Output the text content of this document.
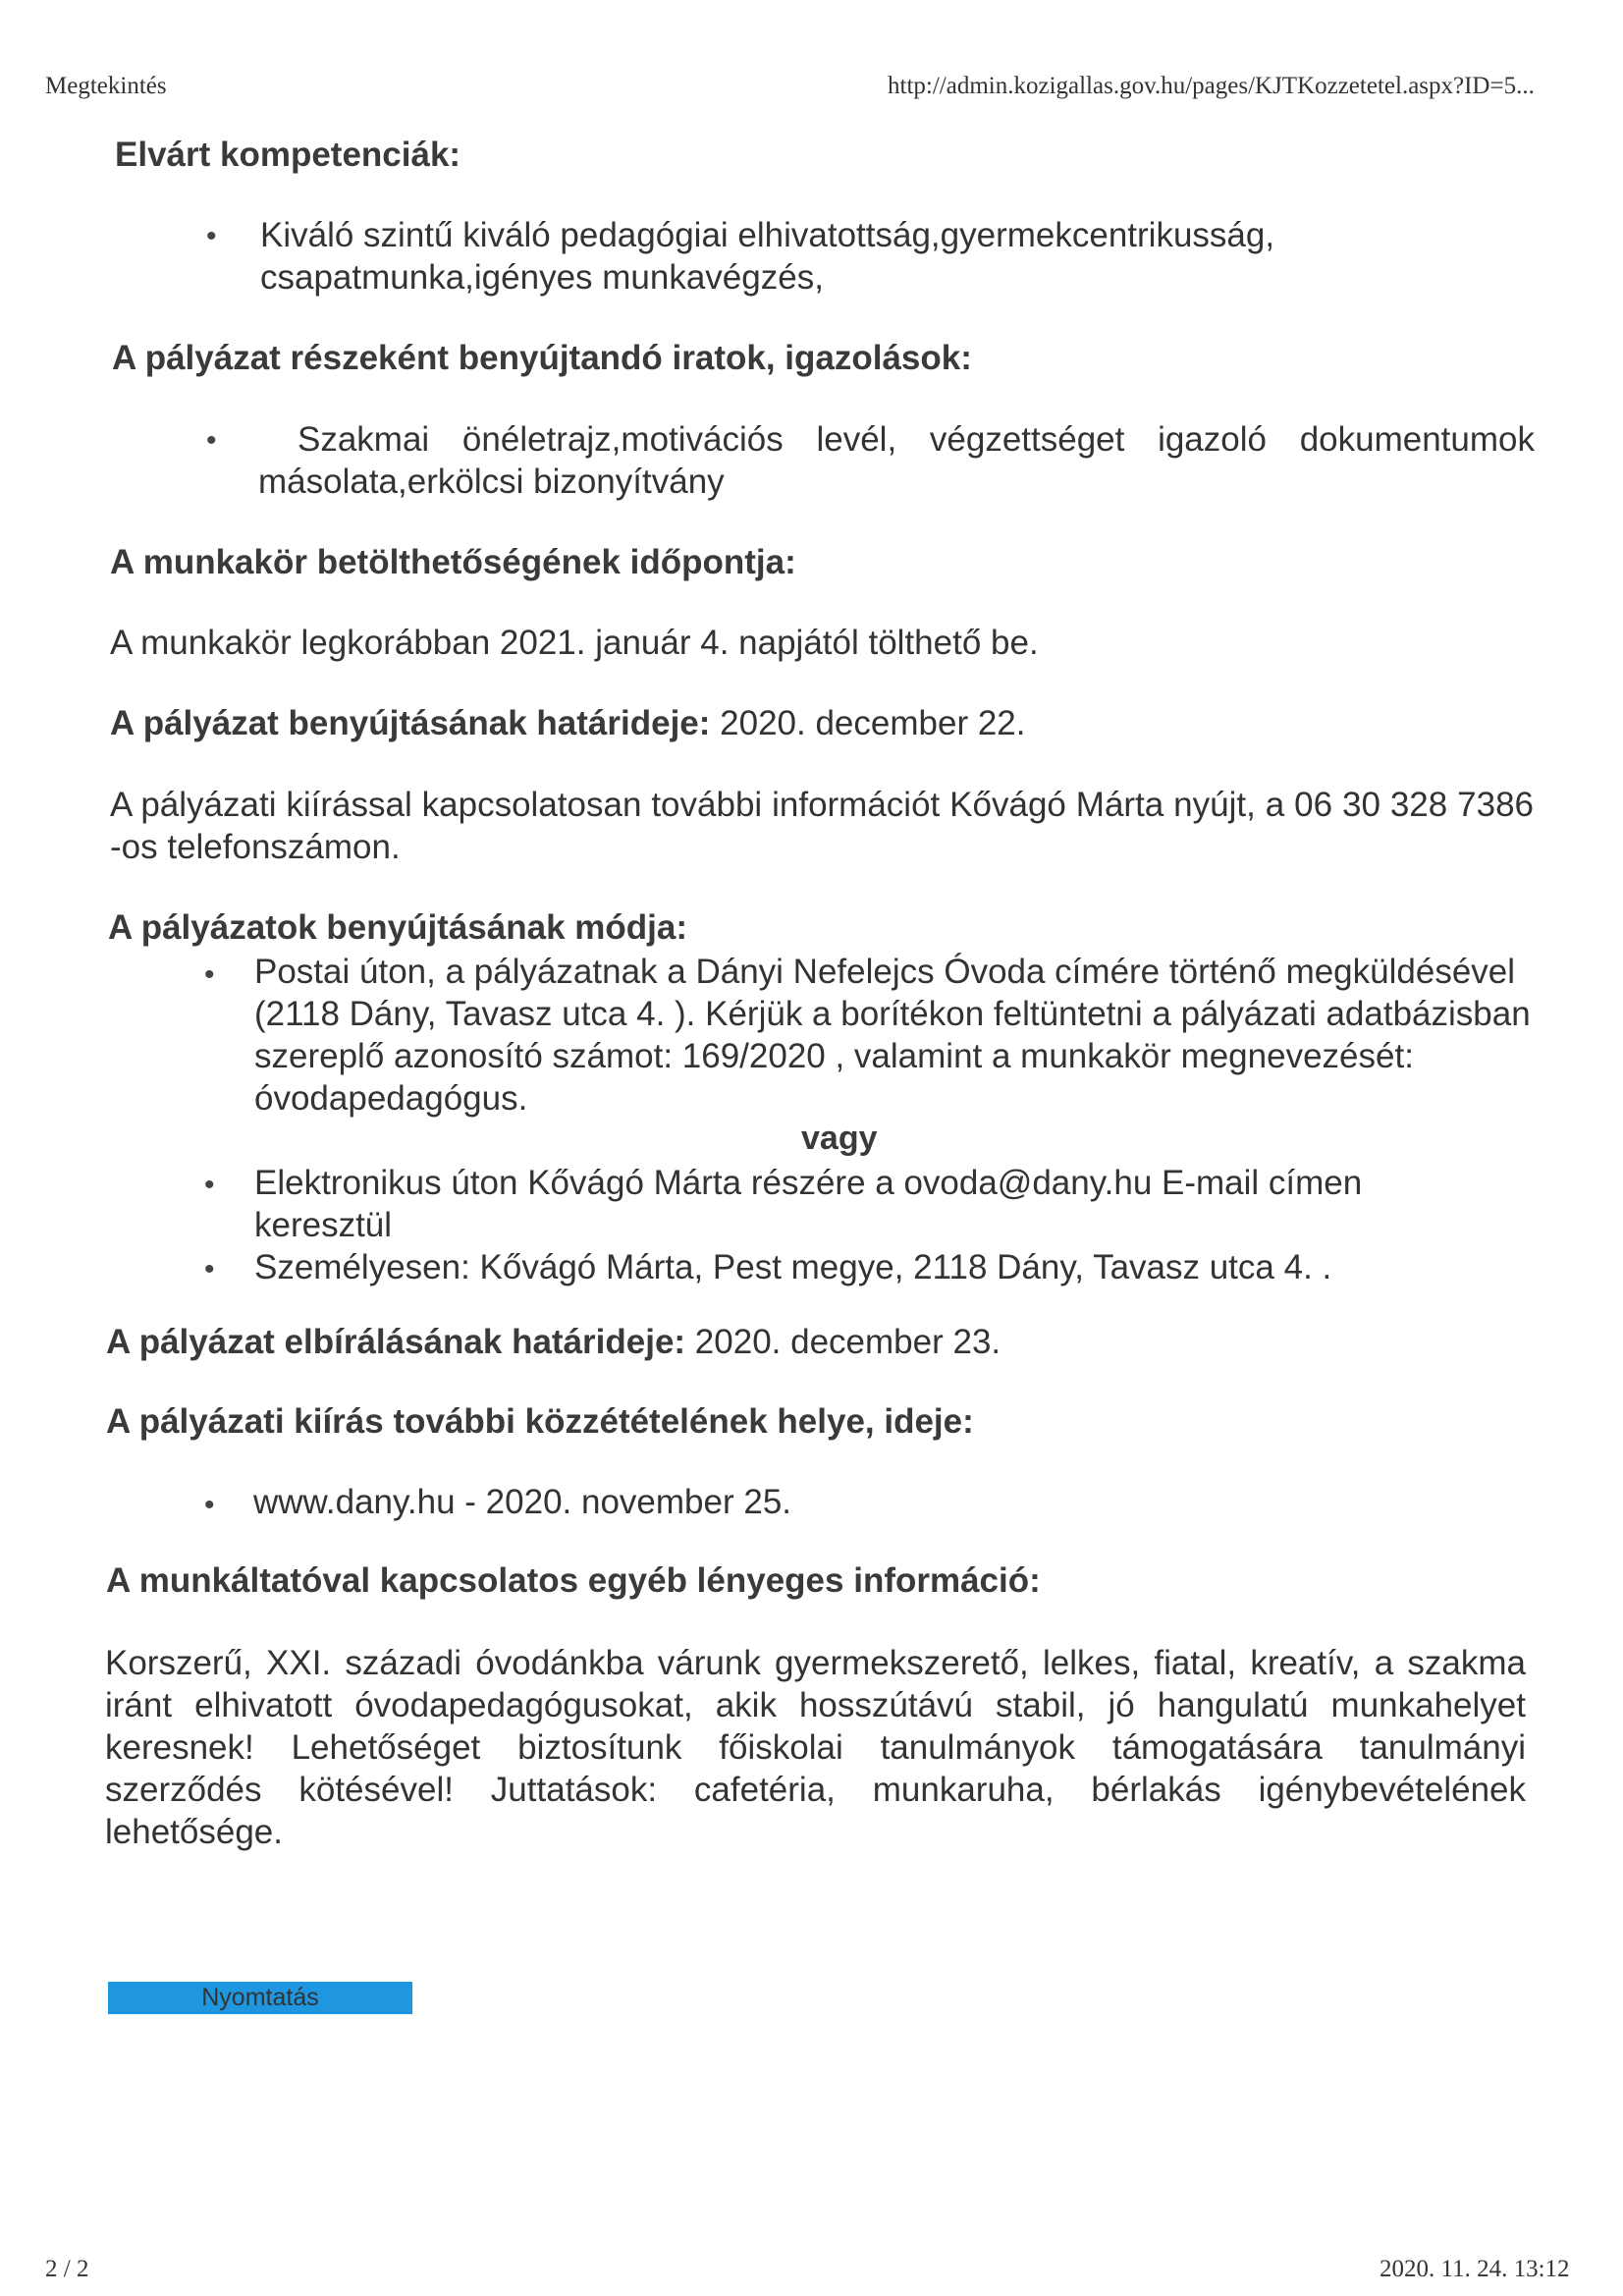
Megtekintés	http://admin.kozigallas.gov.hu/pages/KJTKozzetetel.aspx?ID=5...
Elvárt kompetenciák:
• Kiváló szintű kiváló pedagógiai elhivatottság,gyermekcentrikusság, csapatmunka,igényes munkavégzés,
A pályázat részeként benyújtandó iratok, igazolások:
•	Szakmai önéletrajz,motivációs levél, végzettséget igazoló dokumentumok másolata,erkölcsi bizonyítvány
A munkakör betölthetőségének időpontja:
A munkakör legkorábban 2021. január 4. napjától tölthető be.
A pályázat benyújtásának határideje: 2020. december 22.
A pályázati kiírással kapcsolatosan további információt Kővágó Márta nyújt, a 06 30 328 7386 -os telefonszámon.
A pályázatok benyújtásának módja:
• Postai úton, a pályázatnak a Dányi Nefelejcs Óvoda címére történő megküldésével (2118 Dány, Tavasz utca 4. ). Kérjük a borítékon feltüntetni a pályázati adatbázisban szereplő azonosító számot: 169/2020 , valamint a munkakör megnevezését: óvodapedagógus.
vagy
• Elektronikus úton Kővágó Márta részére a ovoda@dany.hu E-mail címen keresztül
• Személyesen: Kővágó Márta, Pest megye, 2118 Dány, Tavasz utca 4. .
A pályázat elbírálásának határideje: 2020. december 23.
A pályázati kiírás további közzétételének helye, ideje:
• www.dany.hu - 2020. november 25.
A munkáltatóval kapcsolatos egyéb lényeges információ:
Korszerű, XXI. századi óvodánkba várunk gyermekszerető, lelkes, fiatal, kreatív, a szakma iránt elhivatott óvodapedagógusokat, akik hosszútávú stabil, jó hangulatú munkahelyet keresnek! Lehetőséget biztosítunk főiskolai tanulmányok támogatására tanulmányi szerződés kötésével! Juttatások: cafetéria, munkaruha, bérlakás igénybevételének lehetősége.
Nyomtatás
2 / 2	2020. 11. 24. 13:12
